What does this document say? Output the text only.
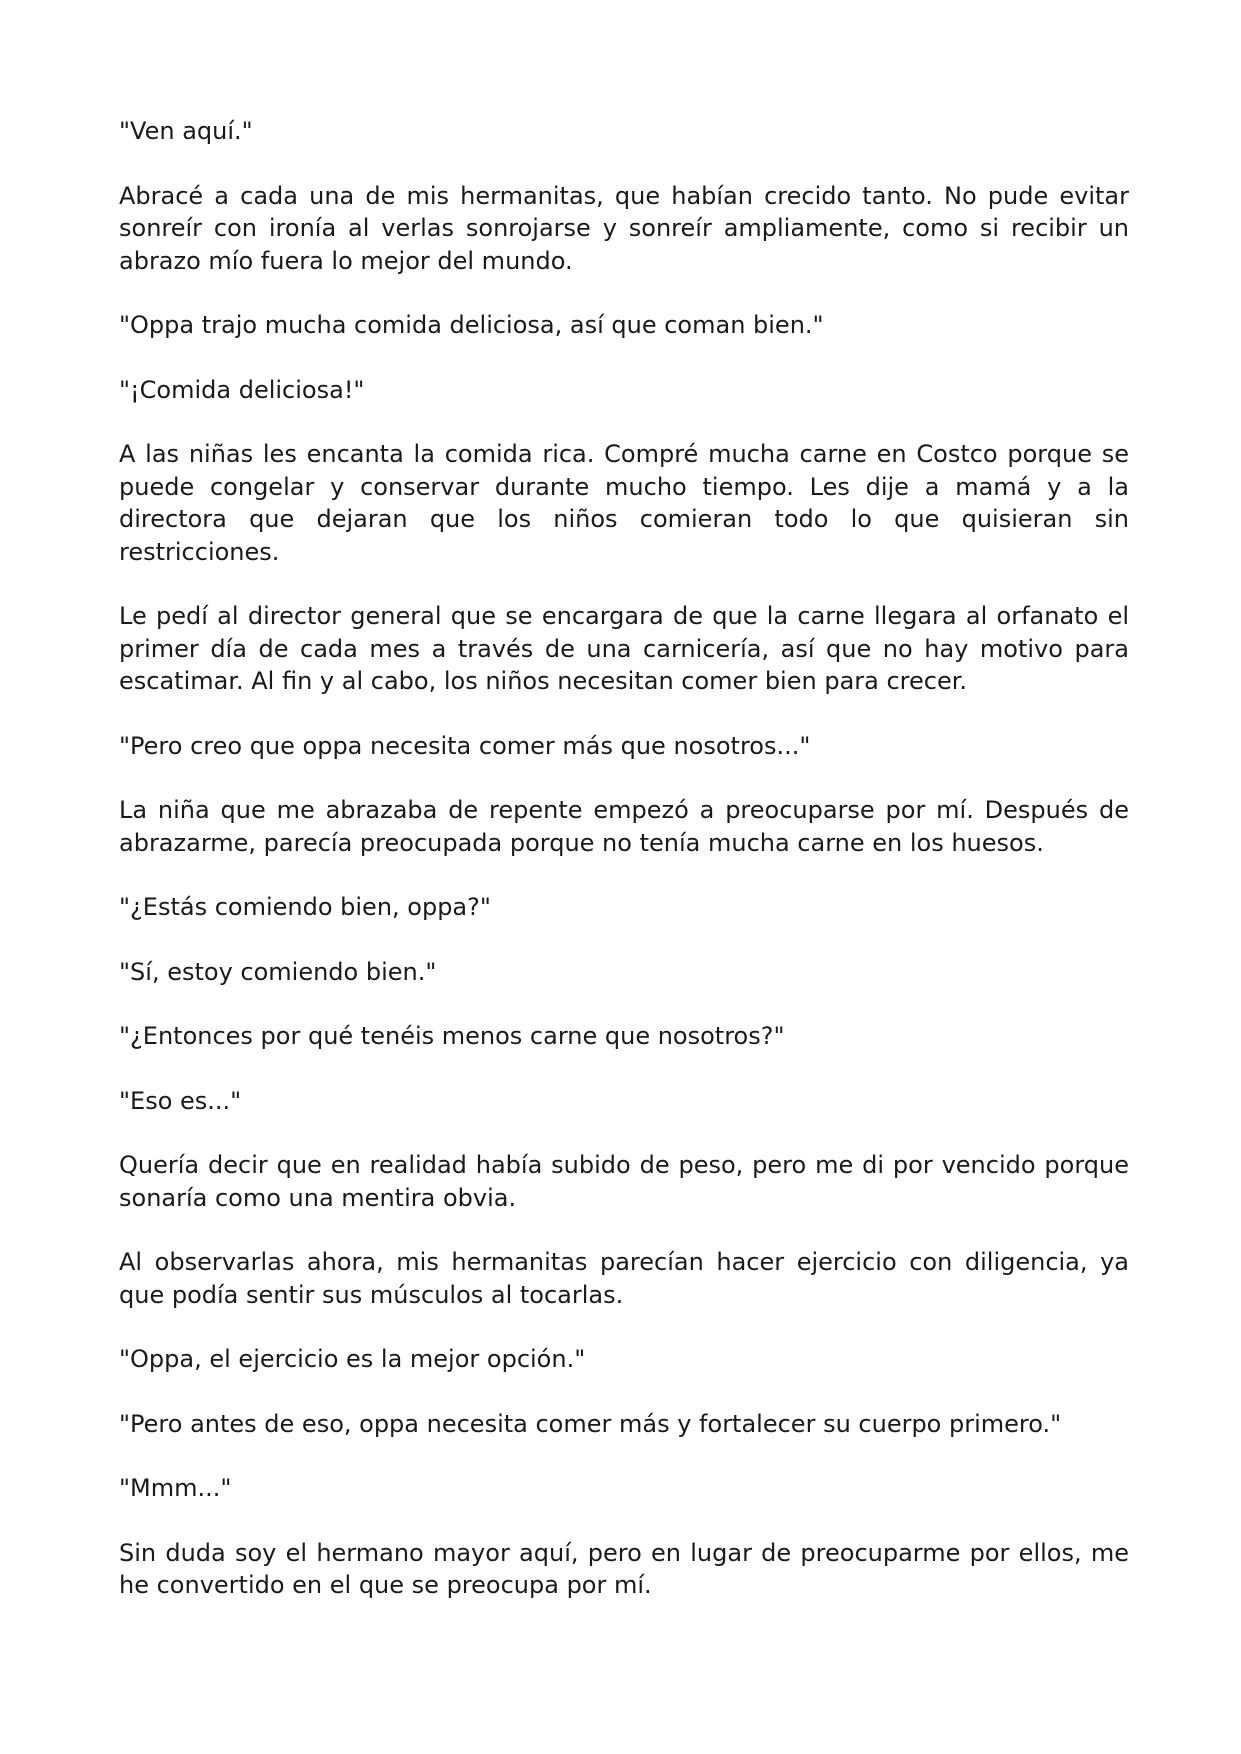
"Ven aquí."

Abracé a cada una de mis hermanitas, que habían crecido tanto. No pude evitar sonreír con ironía al verlas sonrojarse y sonreír ampliamente, como si recibir un abrazo mío fuera lo mejor del mundo.

"Oppa trajo mucha comida deliciosa, así que coman bien."

"¡Comida deliciosa!"

A las niñas les encanta la comida rica. Compré mucha carne en Costco porque se puede congelar y conservar durante mucho tiempo. Les dije a mamá y a la directora que dejaran que los niños comieran todo lo que quisieran sin restricciones.

Le pedí al director general que se encargara de que la carne llegara al orfanato el primer día de cada mes a través de una carnicería, así que no hay motivo para escatimar. Al fin y al cabo, los niños necesitan comer bien para crecer.

"Pero creo que oppa necesita comer más que nosotros..."

La niña que me abrazaba de repente empezó a preocuparse por mí. Después de abrazarme, parecía preocupada porque no tenía mucha carne en los huesos.

"¿Estás comiendo bien, oppa?"

"Sí, estoy comiendo bien."

"¿Entonces por qué tenéis menos carne que nosotros?"

"Eso es..."

Quería decir que en realidad había subido de peso, pero me di por vencido porque sonaría como una mentira obvia.

Al observarlas ahora, mis hermanitas parecían hacer ejercicio con diligencia, ya que podía sentir sus músculos al tocarlas.

"Oppa, el ejercicio es la mejor opción."

"Pero antes de eso, oppa necesita comer más y fortalecer su cuerpo primero."

"Mmm..."

Sin duda soy el hermano mayor aquí, pero en lugar de preocuparme por ellos, me he convertido en el que se preocupa por mí.
